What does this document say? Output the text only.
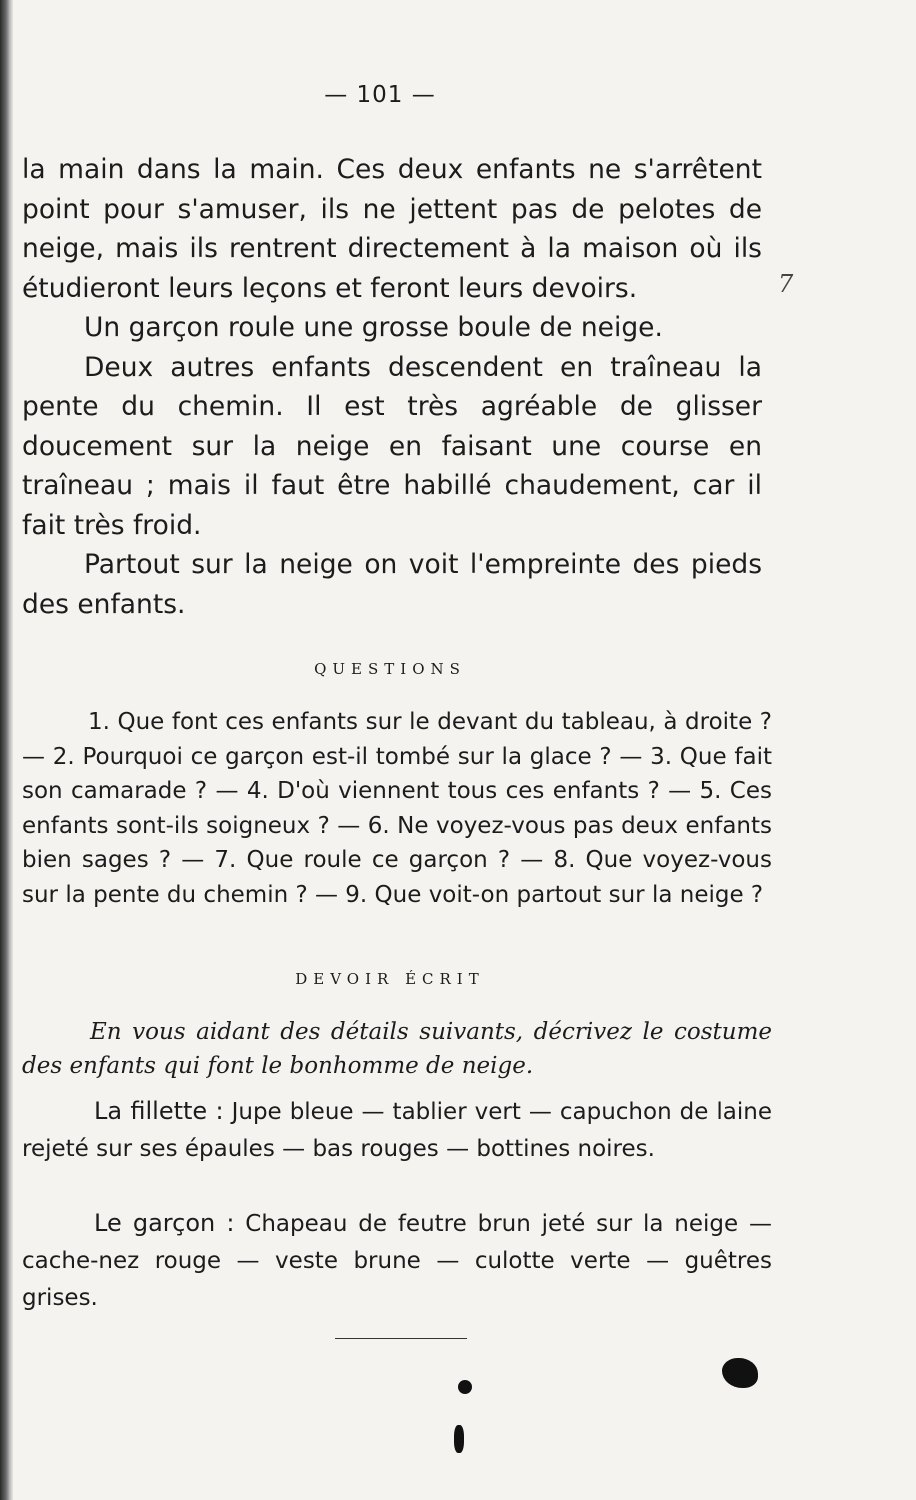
— 101 —

la main dans la main. Ces deux enfants ne s'arrêtent point pour s'amuser, ils ne jettent pas de pelotes de neige, mais ils rentrent directement à la maison où ils étudieront leurs leçons et feront leurs devoirs.

Un garçon roule une grosse boule de neige.

Deux autres enfants descendent en traîneau la pente du chemin. Il est très agréable de glisser doucement sur la neige en faisant une course en traîneau ; mais il faut être habillé chaudement, car il fait très froid.

Partout sur la neige on voit l'empreinte des pieds des enfants.

7
QUESTIONS

1. Que font ces enfants sur le devant du tableau, à droite ? — 2. Pourquoi ce garçon est-il tombé sur la glace ? — 3. Que fait son camarade ? — 4. D'où viennent tous ces enfants ? — 5. Ces enfants sont-ils soigneux ? — 6. Ne voyez-vous pas deux enfants bien sages ? — 7. Que roule ce garçon ? — 8. Que voyez-vous sur la pente du chemin ? — 9. Que voit-on partout sur la neige ?

DEVOIR ÉCRIT

En vous aidant des détails suivants, décrivez le costume des enfants qui font le bonhomme de neige.

La fillette : Jupe bleue — tablier vert — capuchon de laine rejeté sur ses épaules — bas rouges — bottines noires.

Le garçon : Chapeau de feutre brun jeté sur la neige — cache-nez rouge — veste brune — culotte verte — guêtres grises.
